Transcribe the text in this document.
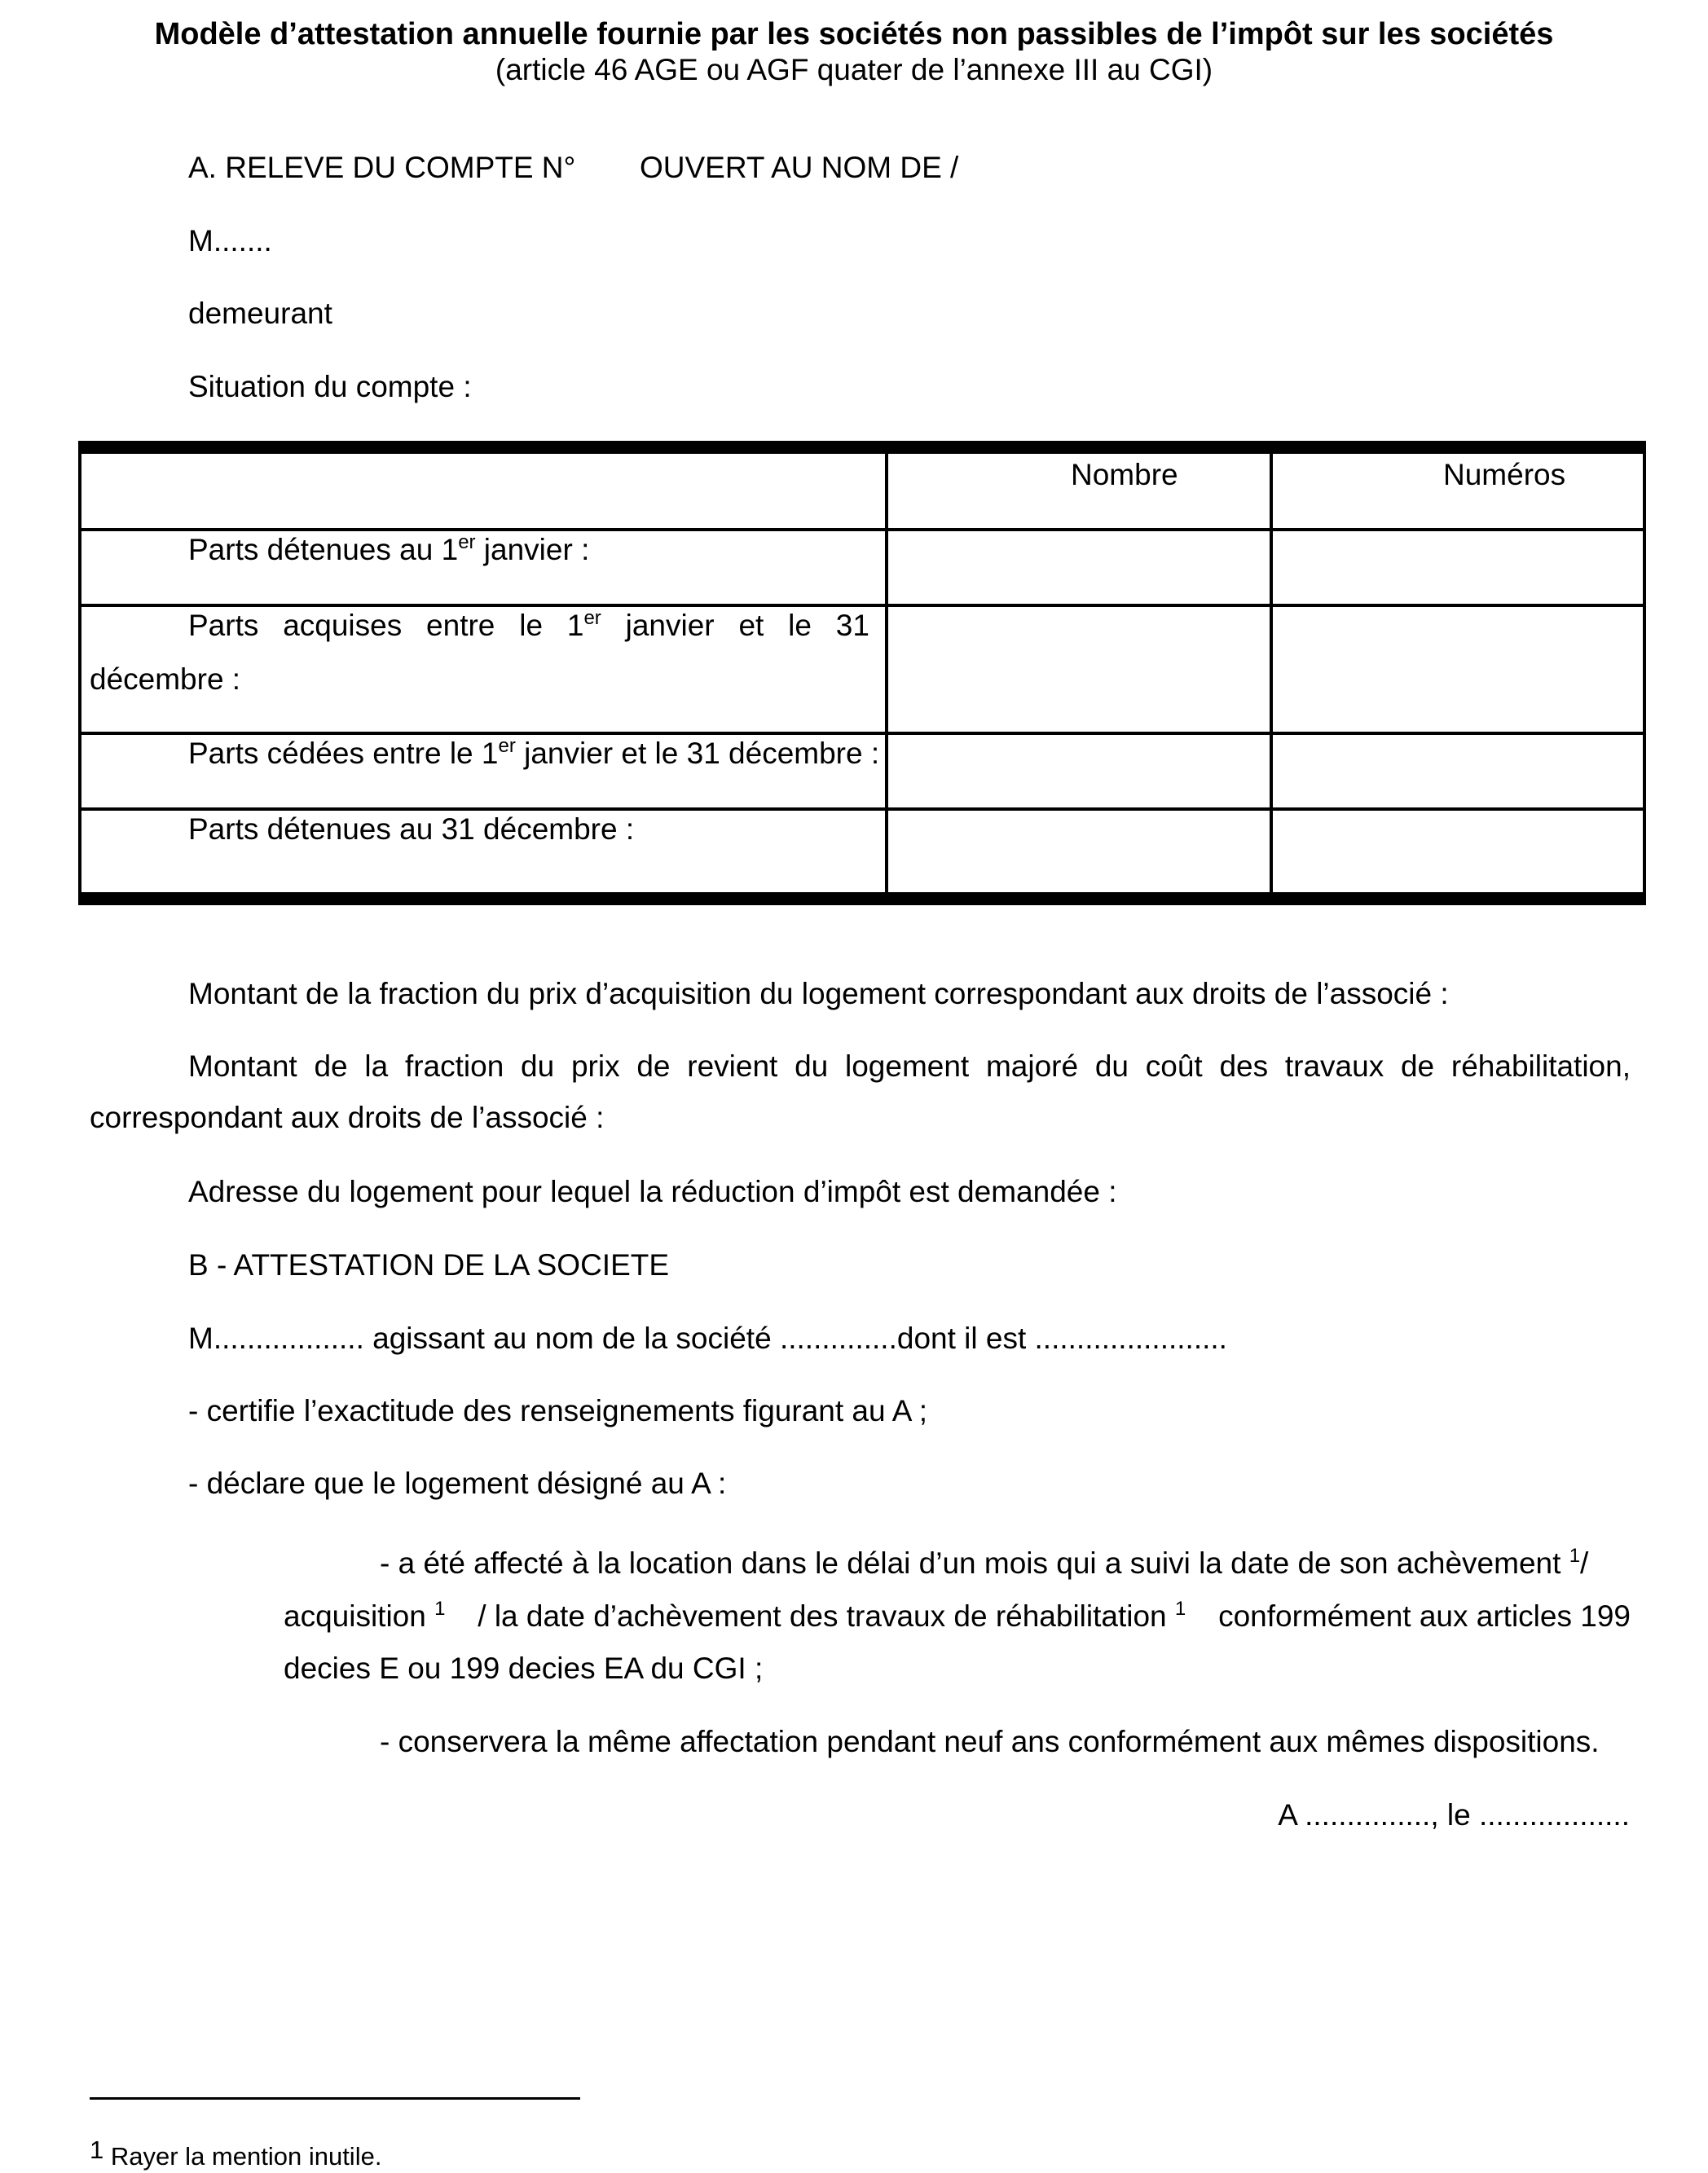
Modèle d’attestation annuelle fournie par les sociétés non passibles de l’impôt sur les sociétés
(article 46 AGE ou AGF quater de l’annexe III au CGI)
A. RELEVE DU COMPTE N° OUVERT AU NOM DE /
M.......
demeurant
Situation du compte :
Nombre	Numéros
Parts détenues au 1er janvier :
Parts acquises entre le 1er janvier et le 31
décembre :
Parts cédées entre le 1er janvier et le 31 décembre :
Parts détenues au 31 décembre :
Montant de la fraction du prix d’acquisition du logement correspondant aux droits de l’associé :
Montant de la fraction du prix de revient du logement majoré du coût des travaux de réhabilitation,
correspondant aux droits de l’associé :
Adresse du logement pour lequel la réduction d’impôt est demandée :
B - ATTESTATION DE LA SOCIETE
M.................. agissant au nom de la société ..............dont il est .......................
- certifie l’exactitude des renseignements figurant au A ;
- déclare que le logement désigné au A :
- a été affecté à la location dans le délai d’un mois qui a suivi la date de son achèvement $^1$/
acquisition $^1$ / la date d’achèvement des travaux de réhabilitation $^1$ conformément aux articles 199
decies E ou 199 decies EA du CGI ;
- conservera la même affectation pendant neuf ans conformément aux mêmes dispositions.
A ..............., le ..................
1 Rayer la mention inutile.
